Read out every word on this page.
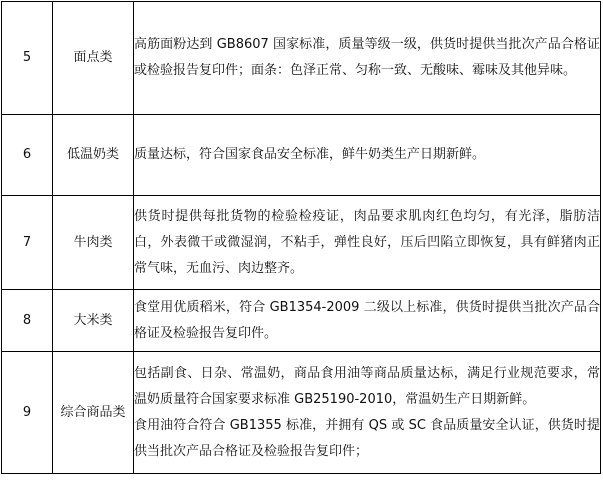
5	面点类	高筋面粉达到 GB8607 国家标准，质量等级一级，供货时提供当批次产品合格证或检验报告复印件；面条：色泽正常、匀称一致、无酸味、霉味及其他异味。

6	低温奶类	质量达标，符合国家食品安全标准，鲜牛奶类生产日期新鲜。

7	牛肉类	供货时提供每批货物的检验检疫证，肉品要求肌肉红色均匀，有光泽，脂肪洁白，外表微干或微湿润，不粘手，弹性良好，压后凹陷立即恢复，具有鲜猪肉正常气味，无血污、肉边整齐。

8	大米类	食堂用优质稻米，符合 GB1354-2009 二级以上标准，供货时提供当批次产品合格证及检验报告复印件。

9	综合商品类	包括副食、日杂、常温奶，商品食用油等商品质量达标，满足行业规范要求，常温奶质量符合国家要求标准 GB25190-2010，常温奶生产日期新鲜。
食用油符合符合 GB1355 标准，并拥有 QS 或 SC 食品质量安全认证，供货时提供当批次产品合格证及检验报告复印件；
